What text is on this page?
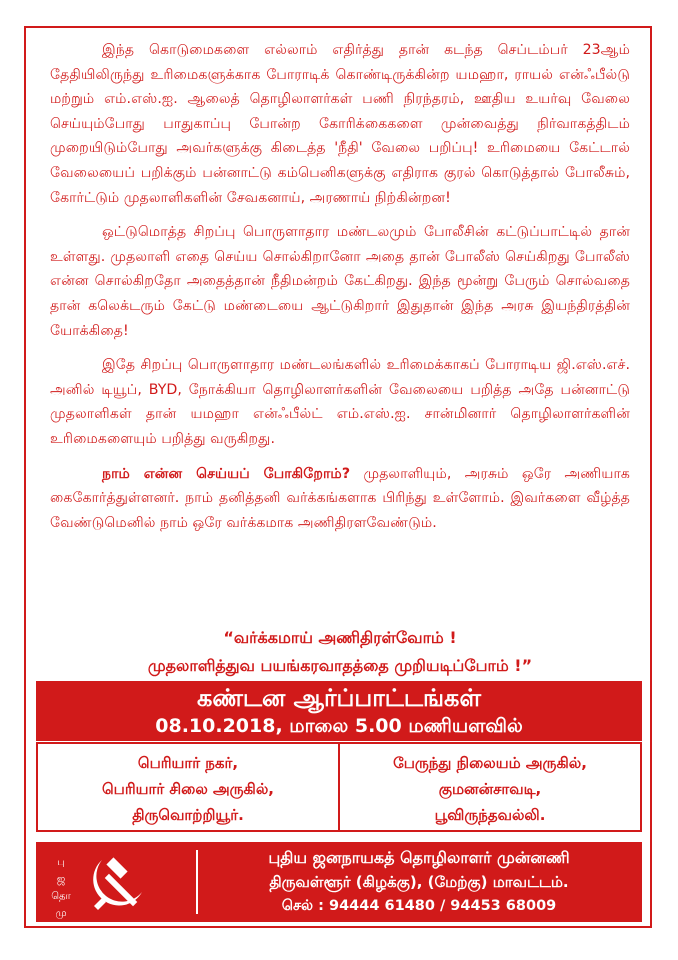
இந்த கொடுமைகளை எல்லாம் எதிர்த்து தான் கடந்த செப்டம்பர் 23ஆம் தேதியிலிருந்து உரிமைகளுக்காக போராடிக் கொண்டிருக்கின்ற யமஹா, ராயல் என்ஃபீல்டு மற்றும் எம்.எஸ்.ஐ. ஆலைத் தொழிலாளர்கள் பணி நிரந்தரம், ஊதிய உயர்வு வேலை செய்யும்போது பாதுகாப்பு போன்ற கோரிக்கைகளை முன்வைத்து நிர்வாகத்திடம் முறையிடும்போது அவர்களுக்கு கிடைத்த 'நீதி' வேலை பறிப்பு! உரிமையை கேட்டால் வேலையைப் பறிக்கும் பன்னாட்டு கம்பெனிகளுக்கு எதிராக குரல் கொடுத்தால் போலீசும், கோர்ட்டும் முதலாளிகளின் சேவகனாய், அரணாய் நிற்கின்றன!

ஒட்டுமொத்த சிறப்பு பொருளாதார மண்டலமும் போலீசின் கட்டுப்பாட்டில் தான் உள்ளது. முதலாளி எதை செய்ய சொல்கிறானோ அதை தான் போலீஸ் செய்கிறது போலீஸ் என்ன சொல்கிறதோ அதைத்தான் நீதிமன்றம் கேட்கிறது. இந்த மூன்று பேரும் சொல்வதை தான் கலெக்டரும் கேட்டு மண்டையை ஆட்டுகிறார் இதுதான் இந்த அரசு இயந்திரத்தின் யோக்கிதை!

இதே சிறப்பு பொருளாதார மண்டலங்களில் உரிமைக்காகப் போராடிய ஜி.எஸ்.எச். அனில் டியூப், BYD, நோக்கியா தொழிலாளர்களின் வேலையை பறித்த அதே பன்னாட்டு முதலாளிகள் தான் யமஹா என்ஃபீல்ட் எம்.எஸ்.ஐ. சான்மினார் தொழிலாளர்களின் உரிமைகளையும் பறித்து வருகிறது.

நாம் என்ன செய்யப் போகிறோம்? முதலாளியும், அரசும் ஒரே அணியாக கைகோர்த்துள்ளனர். நாம் தனித்தனி வர்க்கங்களாக பிரிந்து உள்ளோம். இவர்களை வீழ்த்த வேண்டுமெனில் நாம் ஒரே வர்க்கமாக அணிதிரளவேண்டும்.

“வர்க்கமாய் அணிதிரள்வோம் !
முதலாளித்துவ பயங்கரவாதத்தை முறியடிப்போம் !”
கண்டன ஆர்ப்பாட்டங்கள்
08.10.2018, மாலை 5.00 மணியளவில்
பெரியார் நகர்,
பெரியார் சிலை அருகில்,
திருவொற்றியூர்.
பேருந்து நிலையம் அருகில்,
குமனன்சாவடி,
பூவிருந்தவல்லி.
பு
ஜ
தொ
மு
புதிய ஜனநாயகத் தொழிலாளர் முன்னணி
திருவள்ளூர் (கிழக்கு), (மேற்கு) மாவட்டம்.
செல் : 94444 61480 / 94453 68009
